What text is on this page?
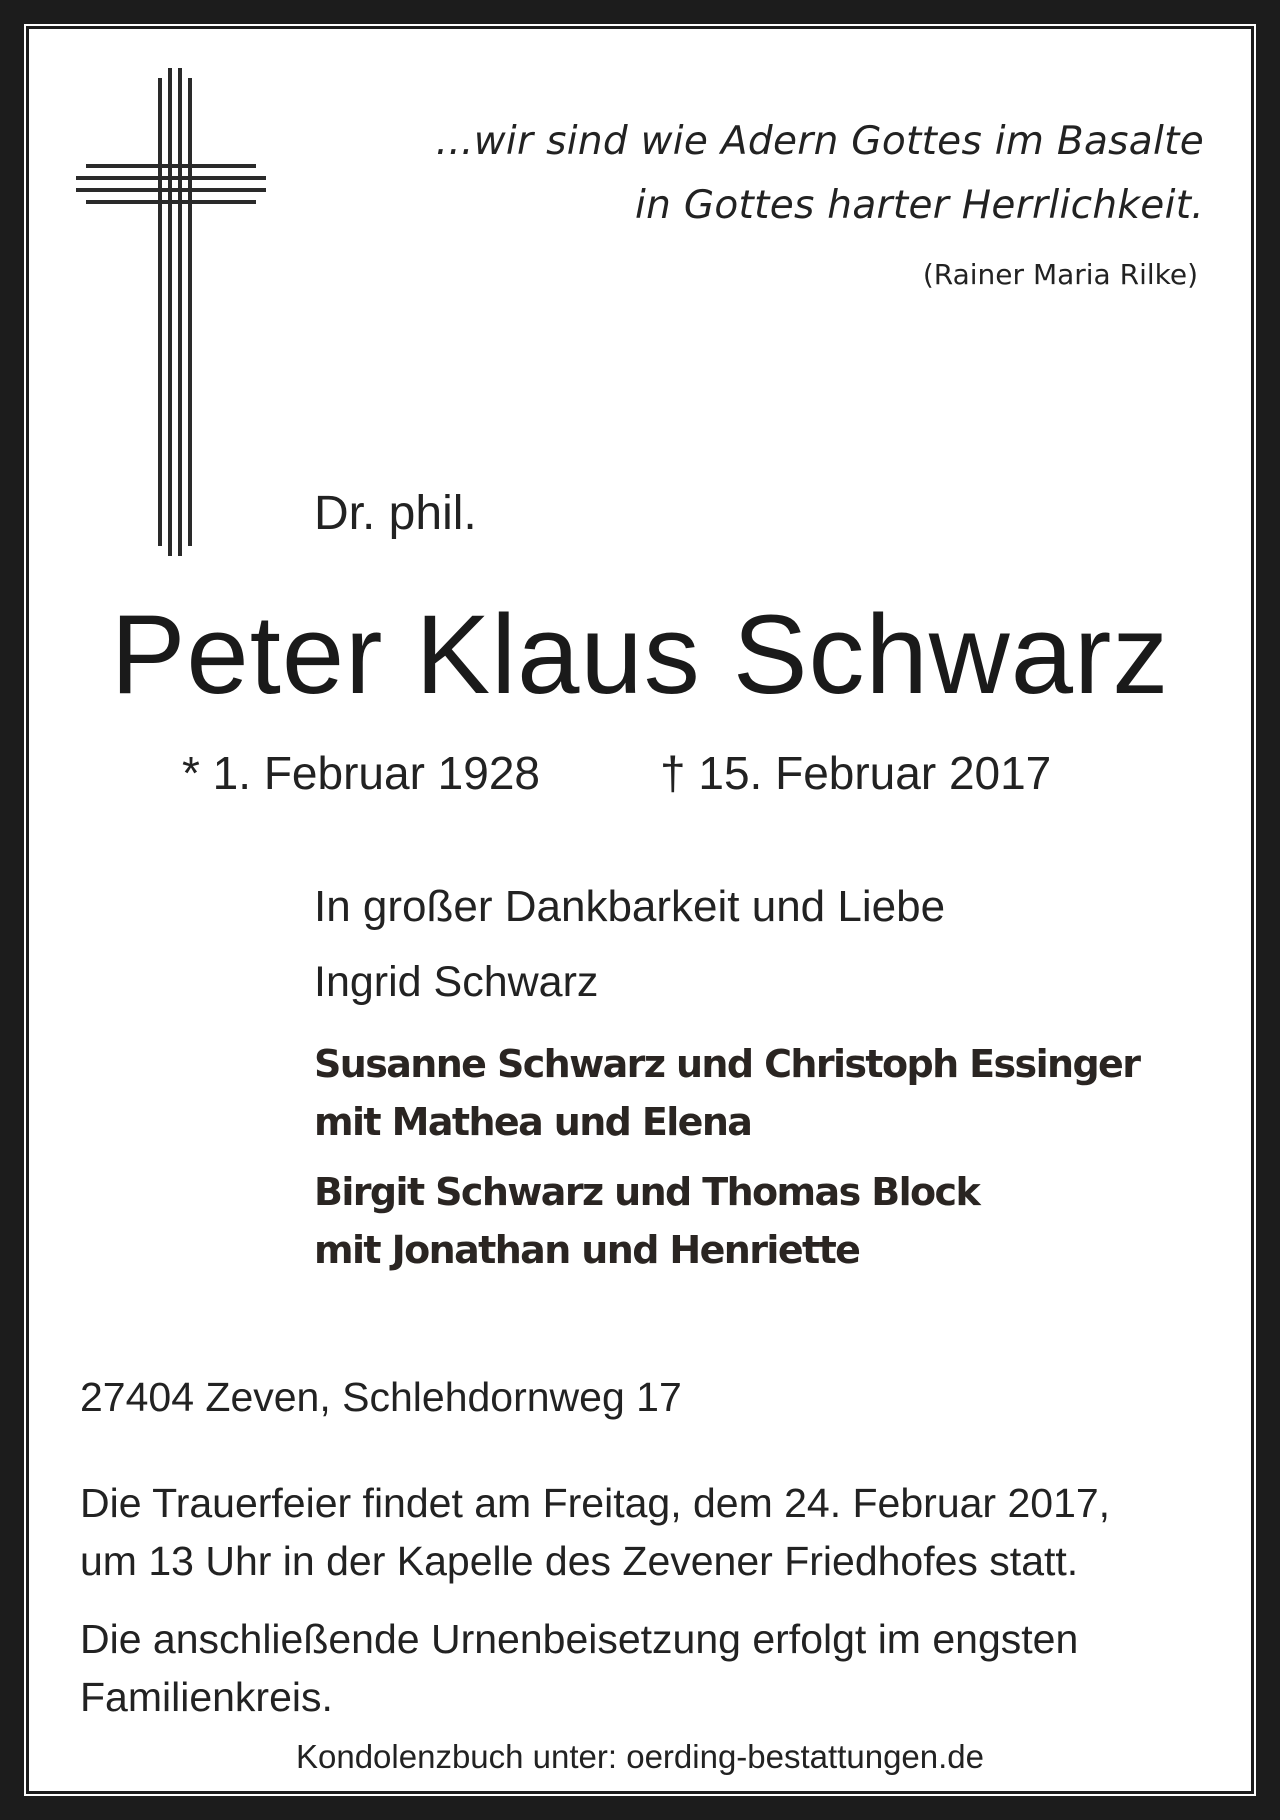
...wir sind wie Adern Gottes im Basalte
in Gottes harter Herrlichkeit.
(Rainer Maria Rilke)
Dr. phil.
Peter Klaus Schwarz
* 1. Februar 1928	† 15. Februar 2017
In großer Dankbarkeit und Liebe
Ingrid Schwarz
Susanne Schwarz und Christoph Essinger
mit Mathea und Elena
Birgit Schwarz und Thomas Block
mit Jonathan und Henriette
27404 Zeven, Schlehdornweg 17

Die Trauerfeier findet am Freitag, dem 24. Februar 2017,
um 13 Uhr in der Kapelle des Zevener Friedhofes statt.

Die anschließende Urnenbeisetzung erfolgt im engsten
Familienkreis.

Kondolenzbuch unter: oerding-bestattungen.de
